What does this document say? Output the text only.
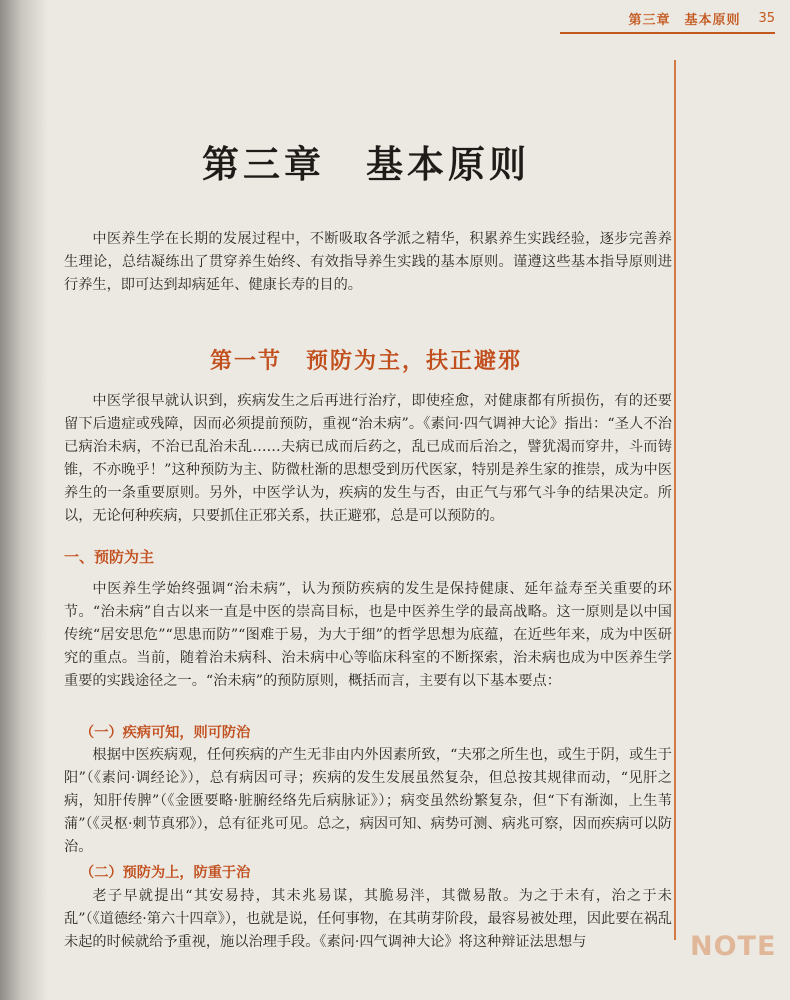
第三章　基本原则 35
第三章　基本原则

中医养生学在长期的发展过程中，不断吸取各学派之精华，积累养生实践经验，逐步完善养生理论，总结凝练出了贯穿养生始终、有效指导养生实践的基本原则。谨遵这些基本指导原则进行养生，即可达到却病延年、健康长寿的目的。

第一节　预防为主，扶正避邪

中医学很早就认识到，疾病发生之后再进行治疗，即使痊愈，对健康都有所损伤，有的还要留下后遗症或残障，因而必须提前预防，重视“治未病”。《素问·四气调神大论》指出：“圣人不治已病治未病，不治已乱治未乱……夫病已成而后药之，乱已成而后治之，譬犹渴而穿井，斗而铸锥，不亦晚乎！”这种预防为主、防微杜渐的思想受到历代医家，特别是养生家的推崇，成为中医养生的一条重要原则。另外，中医学认为，疾病的发生与否，由正气与邪气斗争的结果决定。所以，无论何种疾病，只要抓住正邪关系，扶正避邪，总是可以预防的。

一、预防为主

中医养生学始终强调“治未病”，认为预防疾病的发生是保持健康、延年益寿至关重要的环节。“治未病”自古以来一直是中医的崇高目标，也是中医养生学的最高战略。这一原则是以中国传统“居安思危”“思患而防”“图难于易，为大于细”的哲学思想为底蕴，在近些年来，成为中医研究的重点。当前，随着治未病科、治未病中心等临床科室的不断探索，治未病也成为中医养生学重要的实践途径之一。“治未病”的预防原则，概括而言，主要有以下基本要点：

（一）疾病可知，则可防治

根据中医疾病观，任何疾病的产生无非由内外因素所致，“夫邪之所生也，或生于阴，或生于阳”（《素问·调经论》），总有病因可寻；疾病的发生发展虽然复杂，但总按其规律而动，“见肝之病，知肝传脾”（《金匮要略·脏腑经络先后病脉证》）；病变虽然纷繁复杂，但“下有渐洳，上生苇蒲”（《灵枢·刺节真邪》），总有征兆可见。总之，病因可知、病势可测、病兆可察，因而疾病可以防治。

（二）预防为上，防重于治

老子早就提出“其安易持，其未兆易谋，其脆易泮，其微易散。为之于未有，治之于未乱”（《道德经·第六十四章》），也就是说，任何事物，在其萌芽阶段，最容易被处理，因此要在祸乱未起的时候就给予重视，施以治理手段。《素问·四气调神大论》将这种辩证法思想与	NOTE
